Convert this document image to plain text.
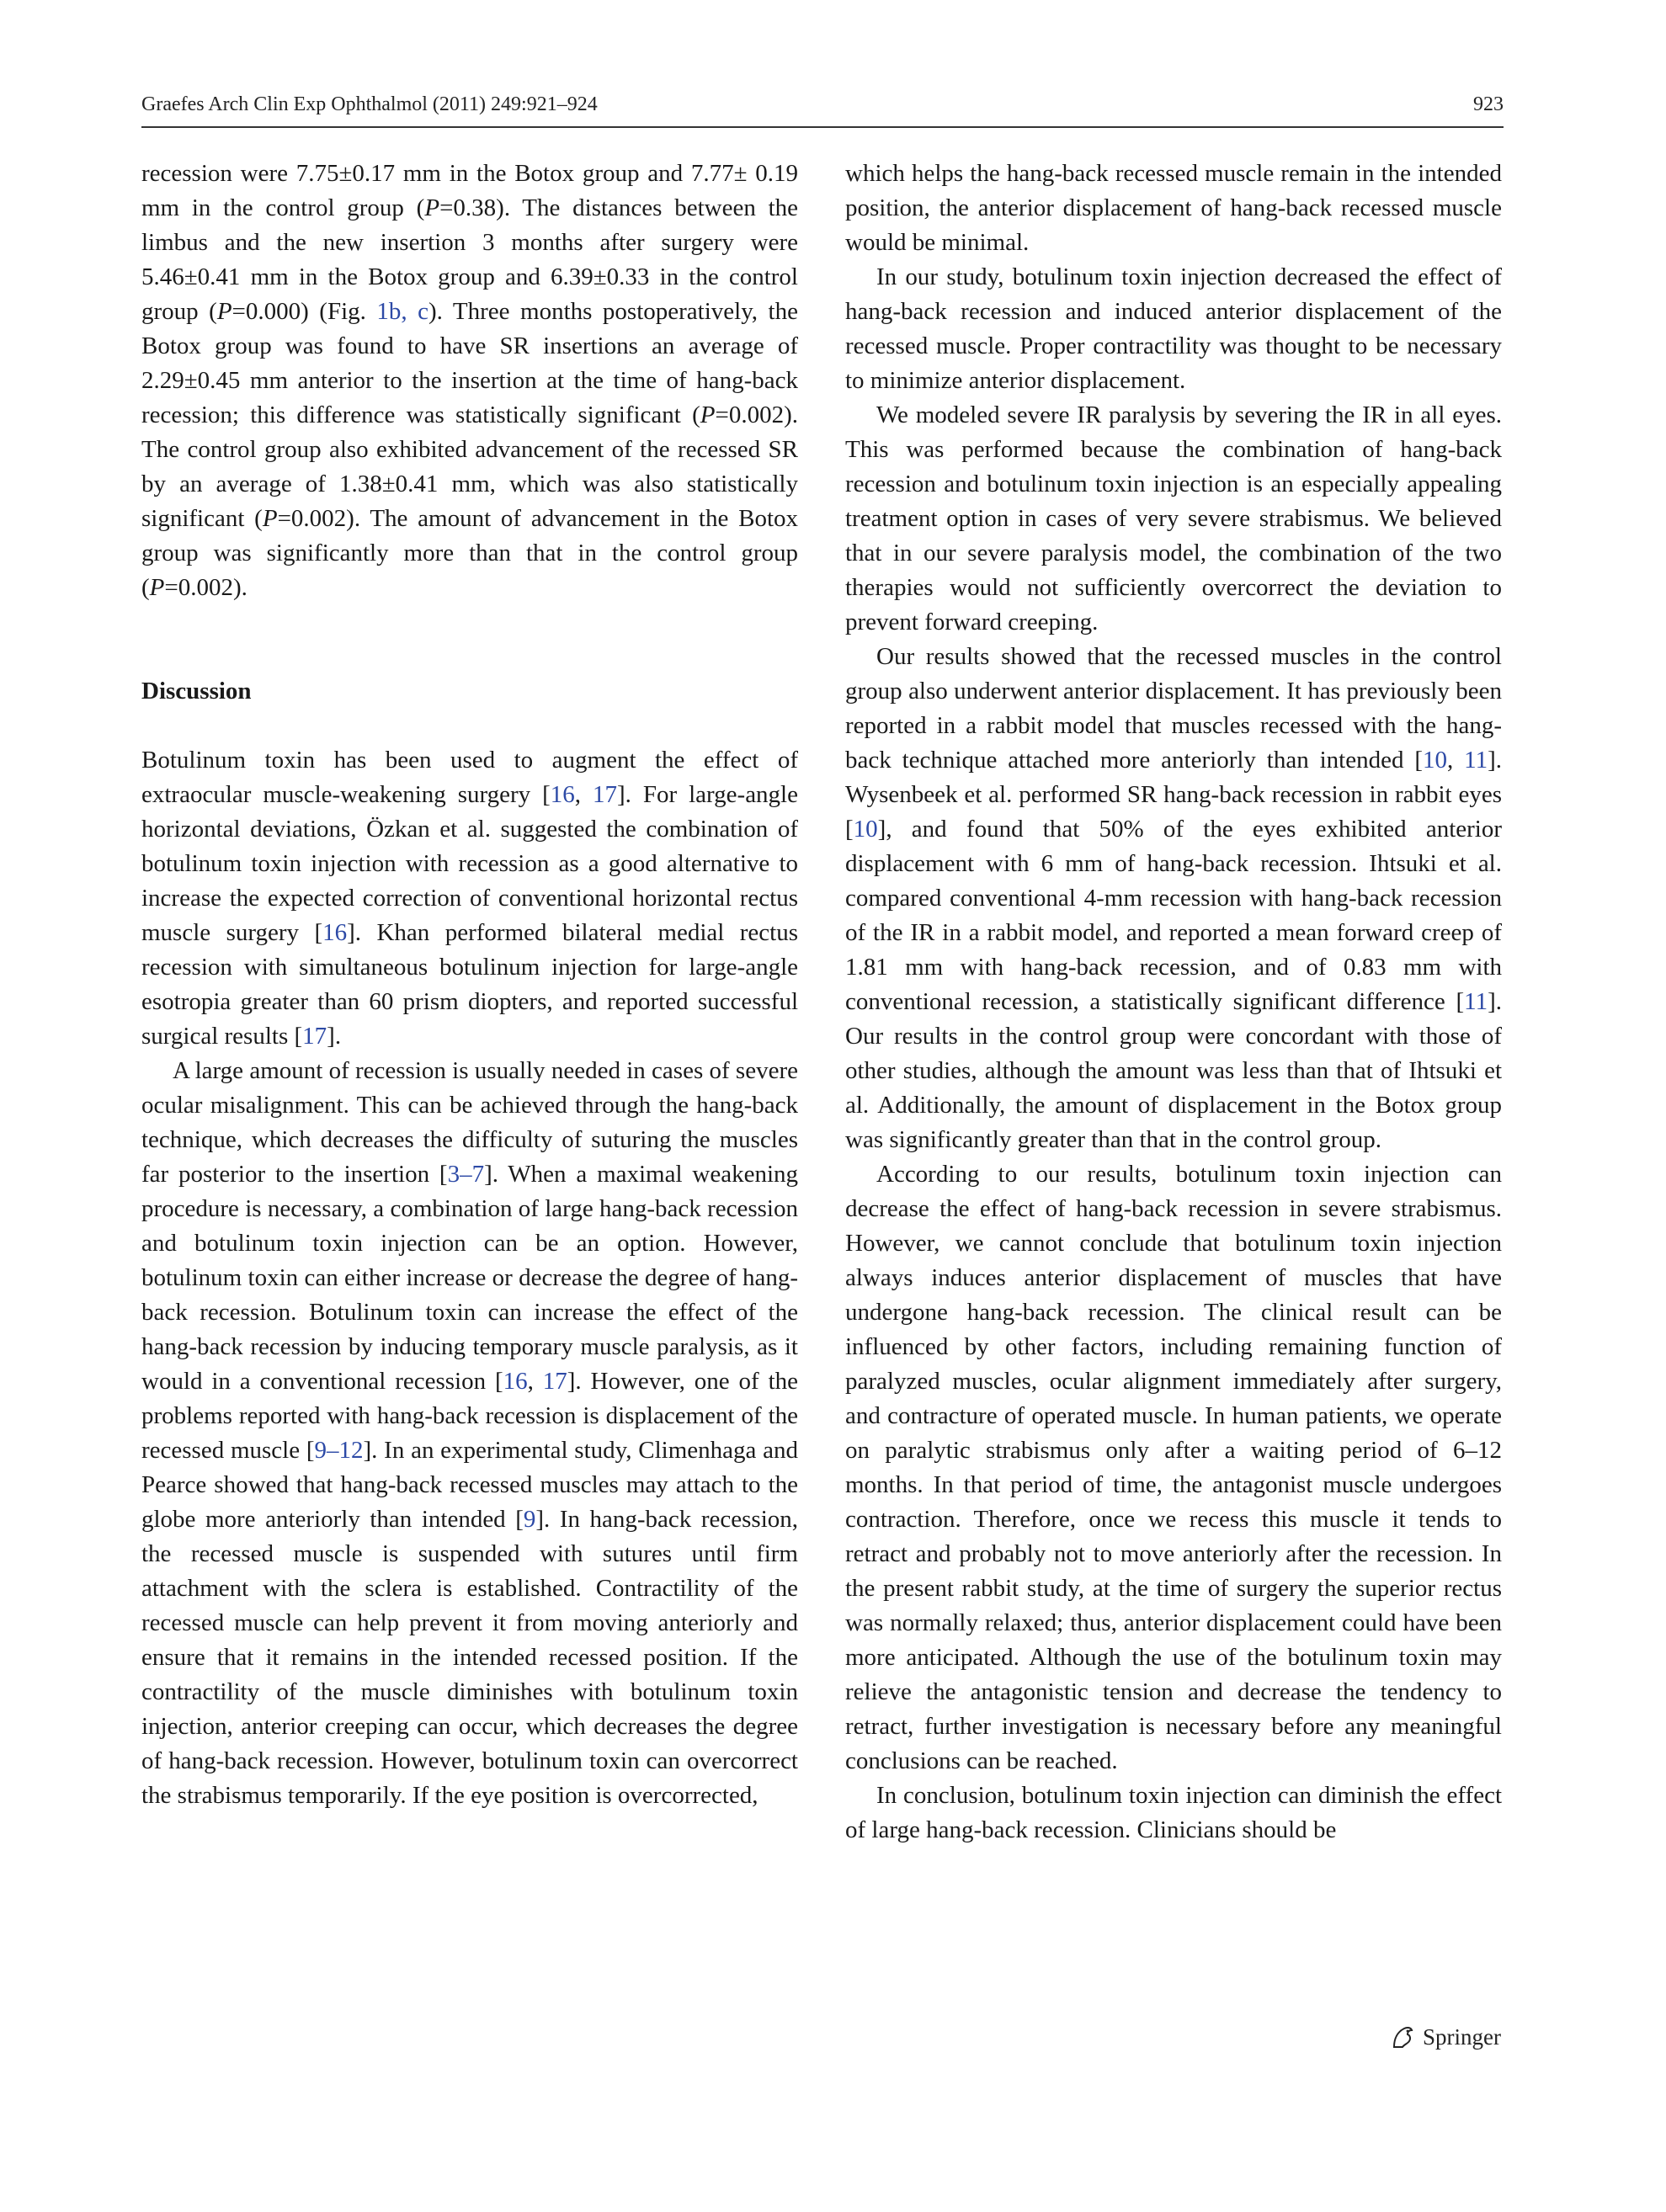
Graefes Arch Clin Exp Ophthalmol (2011) 249:921–924	923

recession were 7.75±0.17 mm in the Botox group and 7.77± 0.19 mm in the control group (P=0.38). The distances between the limbus and the new insertion 3 months after surgery were 5.46±0.41 mm in the Botox group and 6.39±0.33 in the control group (P=0.000) (Fig. 1b, c). Three months postoperatively, the Botox group was found to have SR insertions an average of 2.29±0.45 mm anterior to the insertion at the time of hang-back recession; this difference was statistically significant (P=0.002). The control group also exhibited advancement of the recessed SR by an average of 1.38±0.41 mm, which was also statistically significant (P=0.002). The amount of advancement in the Botox group was significantly more than that in the control group (P=0.002).

Discussion

Botulinum toxin has been used to augment the effect of extraocular muscle-weakening surgery [16, 17]. For large-angle horizontal deviations, Özkan et al. suggested the combination of botulinum toxin injection with recession as a good alternative to increase the expected correction of conventional horizontal rectus muscle surgery [16]. Khan performed bilateral medial rectus recession with simultaneous botulinum injection for large-angle esotropia greater than 60 prism diopters, and reported successful surgical results [17].

A large amount of recession is usually needed in cases of severe ocular misalignment. This can be achieved through the hang-back technique, which decreases the difficulty of suturing the muscles far posterior to the insertion [3–7]. When a maximal weakening procedure is necessary, a combination of large hang-back recession and botulinum toxin injection can be an option. However, botulinum toxin can either increase or decrease the degree of hang-back recession. Botulinum toxin can increase the effect of the hang-back recession by inducing temporary muscle paralysis, as it would in a conventional recession [16, 17]. However, one of the problems reported with hang-back recession is displacement of the recessed muscle [9–12]. In an experimental study, Climenhaga and Pearce showed that hang-back recessed muscles may attach to the globe more anteriorly than intended [9]. In hang-back recession, the recessed muscle is suspended with sutures until firm attachment with the sclera is established. Contractility of the recessed muscle can help prevent it from moving anteriorly and ensure that it remains in the intended recessed position. If the contractility of the muscle diminishes with botulinum toxin injection, anterior creeping can occur, which decreases the degree of hang-back recession. However, botulinum toxin can overcorrect the strabismus temporarily. If the eye position is overcorrected,

which helps the hang-back recessed muscle remain in the intended position, the anterior displacement of hang-back recessed muscle would be minimal.

In our study, botulinum toxin injection decreased the effect of hang-back recession and induced anterior displacement of the recessed muscle. Proper contractility was thought to be necessary to minimize anterior displacement.

We modeled severe IR paralysis by severing the IR in all eyes. This was performed because the combination of hang-back recession and botulinum toxin injection is an especially appealing treatment option in cases of very severe strabismus. We believed that in our severe paralysis model, the combination of the two therapies would not sufficiently overcorrect the deviation to prevent forward creeping.

Our results showed that the recessed muscles in the control group also underwent anterior displacement. It has previously been reported in a rabbit model that muscles recessed with the hang-back technique attached more anteriorly than intended [10, 11]. Wysenbeek et al. performed SR hang-back recession in rabbit eyes [10], and found that 50% of the eyes exhibited anterior displacement with 6 mm of hang-back recession. Ihtsuki et al. compared conventional 4-mm recession with hang-back recession of the IR in a rabbit model, and reported a mean forward creep of 1.81 mm with hang-back recession, and of 0.83 mm with conventional recession, a statistically significant difference [11]. Our results in the control group were concordant with those of other studies, although the amount was less than that of Ihtsuki et al. Additionally, the amount of displacement in the Botox group was significantly greater than that in the control group.

According to our results, botulinum toxin injection can decrease the effect of hang-back recession in severe strabismus. However, we cannot conclude that botulinum toxin injection always induces anterior displacement of muscles that have undergone hang-back recession. The clinical result can be influenced by other factors, including remaining function of paralyzed muscles, ocular alignment immediately after surgery, and contracture of operated muscle. In human patients, we operate on paralytic strabismus only after a waiting period of 6–12 months. In that period of time, the antagonist muscle undergoes contraction. Therefore, once we recess this muscle it tends to retract and probably not to move anteriorly after the recession. In the present rabbit study, at the time of surgery the superior rectus was normally relaxed; thus, anterior displacement could have been more anticipated. Although the use of the botulinum toxin may relieve the antagonistic tension and decrease the tendency to retract, further investigation is necessary before any meaningful conclusions can be reached.

In conclusion, botulinum toxin injection can diminish the effect of large hang-back recession. Clinicians should be

Springer
